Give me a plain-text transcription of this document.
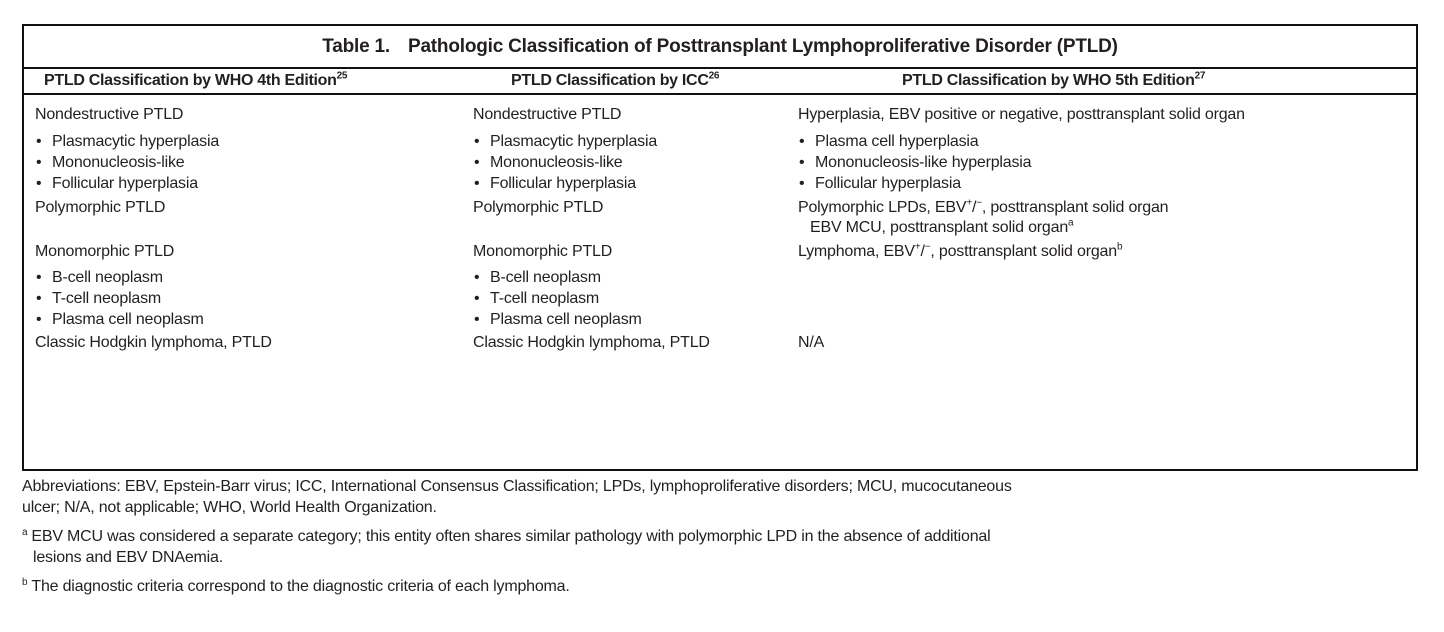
Table 1. Pathologic Classification of Posttransplant Lymphoproliferative Disorder (PTLD)
PTLD Classification by WHO 4th Edition$^{25}$	PTLD Classification by ICC$^{26}$	PTLD Classification by WHO 5th Edition$^{27}$
Nondestructive PTLD
• Plasmacytic hyperplasia
• Mononucleosis-like
• Follicular hyperplasia
Polymorphic PTLD
Monomorphic PTLD
• B-cell neoplasm
• T-cell neoplasm
• Plasma cell neoplasm
Classic Hodgkin lymphoma, PTLD
Nondestructive PTLD
• Plasmacytic hyperplasia
• Mononucleosis-like
• Follicular hyperplasia
Polymorphic PTLD
Monomorphic PTLD
• B-cell neoplasm
• T-cell neoplasm
• Plasma cell neoplasm
Classic Hodgkin lymphoma, PTLD
Hyperplasia, EBV positive or negative, posttransplant solid organ
• Plasma cell hyperplasia
• Mononucleosis-like hyperplasia
• Follicular hyperplasia
Polymorphic LPDs, EBV+/−, posttransplant solid organ
EBV MCU, posttransplant solid organ$^a$
Lymphoma, EBV+/−, posttransplant solid organ$^b$
N/A
Abbreviations: EBV, Epstein-Barr virus; ICC, International Consensus Classification; LPDs, lymphoproliferative disorders; MCU, mucocutaneous
ulcer; N/A, not applicable; WHO, World Health Organization.
$^a$ EBV MCU was considered a separate category; this entity often shares similar pathology with polymorphic LPD in the absence of additional
lesions and EBV DNAemia.
$^b$ The diagnostic criteria correspond to the diagnostic criteria of each lymphoma.
